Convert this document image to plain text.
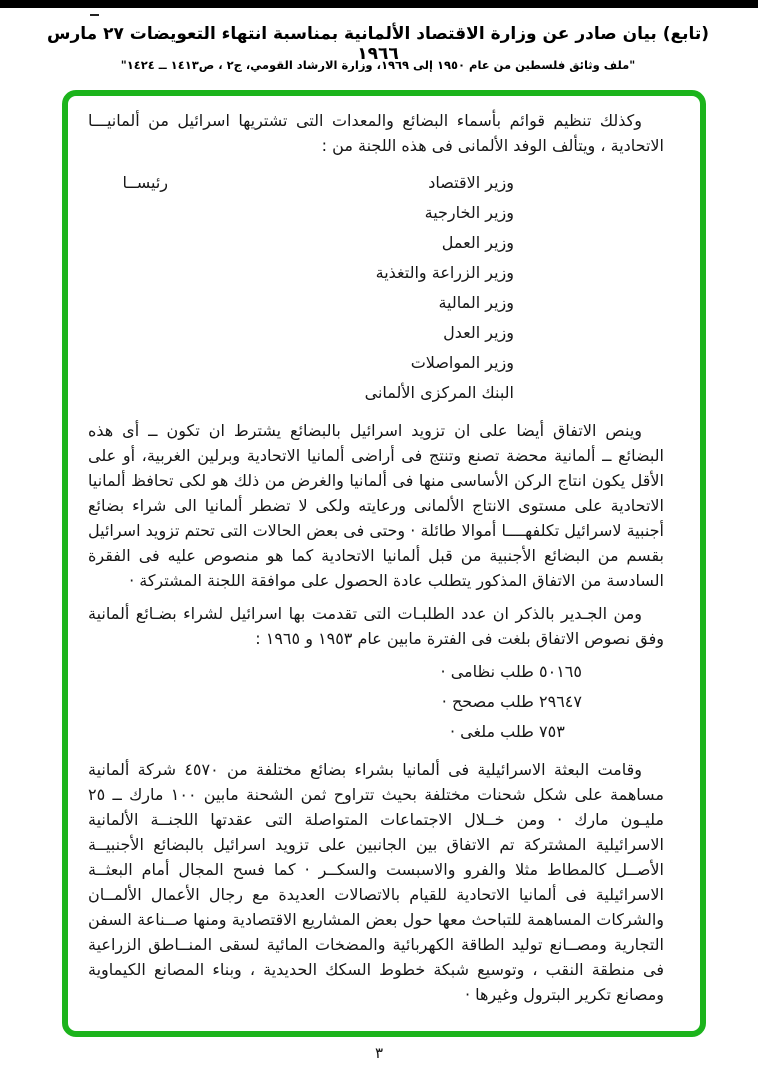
(تابع) بيان صادر عن وزارة الاقتصاد الألمانية بمناسبة انتهاء التعويضات ٢٧ مارس ١٩٦٦
"ملف وثائق فلسطين من عام ١٩٥٠ إلى ١٩٦٩، وزارة الارشاد القومي، ج٢ ، ص١٤١٣ ــ ١٤٢٤"

وكذلك تنظيم قوائم بأسماء البضائع والمعدات التى تشتريها اسرائيل من ألمانيـــا الاتحادية ، ويتألف الوفد الألمانى فى هذه اللجنة من :

وزير الاقتصاد
رئيســا
وزير الخارجية
وزير العمل
وزير الزراعة والتغذية
وزير المالية
وزير العدل
وزير المواصلات
البنك المركزى الألمانى

وينص الاتفاق أيضا على ان تزويد اسرائيل بالبضائع يشترط ان تكون ــ أى هذه البضائع ــ ألمانية محضة تصنع وتنتج فى أراضى ألمانيا الاتحادية وبرلين الغربية، أو على الأقل يكون انتاج الركن الأساسى منها فى ألمانيا والغرض من ذلك هو لكى تحافظ ألمانيا الاتحادية على مستوى الانتاج الألمانى ورعايته ولكى لا تضطر ألمانيا الى شراء بضائع أجنبية لاسرائيل تكلفهــــا أموالا طائلة · وحتى فى بعض الحالات التى تحتم تزويد اسرائيل بقسم من البضائع الأجنبية من قبل ألمانيا الاتحادية كما هو منصوص عليه فى الفقرة السادسة من الاتفاق المذكور يتطلب عادة الحصول على موافقة اللجنة المشتركة ·

ومن الجـدير بالذكر ان عدد الطلبـات التى تقدمت بها اسرائيل لشراء بضـائع ألمانية وفق نصوص الاتفاق بلغت فى الفترة مابين عام ١٩٥٣ و ١٩٦٥ :

٥٠١٦٥ طلب نظامى ·
٢٩٦٤٧ طلب مصحح ·
٧٥٣ طلب ملغى ·

وقامت البعثة الاسرائيلية فى ألمانيا بشراء بضائع مختلفة من ٤٥٧٠ شركة ألمانية مساهمة على شكل شحنات مختلفة بحيث تتراوح ثمن الشحنة مابين ١٠٠ مارك ــ ٢٥ مليـون مارك · ومن خــلال الاجتماعات المتواصلة التى عقدتها اللجنــة الألمانية الاسرائيلية المشتركة تم الاتفاق بين الجانبين على تزويد اسرائيل بالبضائع الأجنبيــة الأصــل كالمطاط مثلا والفرو والاسبست والسكــر · كما فسح المجال أمام البعثــة الاسرائيلية فى ألمانيا الاتحادية للقيام بالاتصالات العديدة مع رجال الأعمال الألمــان والشركات المساهمة للتباحث معها حول بعض المشاريع الاقتصادية ومنها صــناعة السفن التجارية ومصــانع توليد الطاقة الكهربائية والمضخات المائية لسقى المنــاطق الزراعية فى منطقة النقب ، وتوسيع شبكة خطوط السكك الحديدية ، وبناء المصانع الكيماوية ومصانع تكرير البترول وغيرها ·

٣
